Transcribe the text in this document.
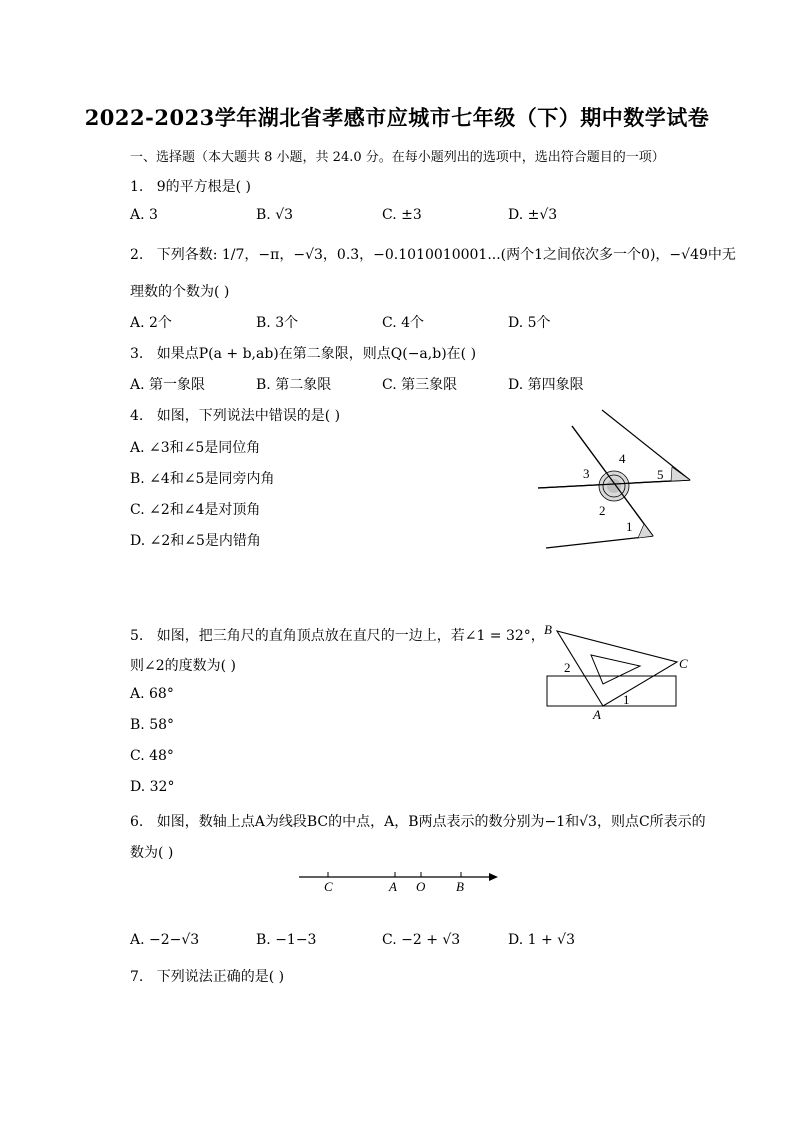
2022-2023学年湖北省孝感市应城市七年级（下）期中数学试卷
一、选择题（本大题共 8 小题，共 24.0 分。在每小题列出的选项中，选出符合题目的一项）
1. 9的平方根是( )
A. 3	B. √3	C. ±3	D. ±√3
2. 下列各数: 1/7，−π，−√3，0.3̇，−0.1010010001...(两个1之间依次多一个0)，−√49中无
理数的个数为( )
A. 2个	B. 3个	C. 4个	D. 5个
3. 如果点P(a + b,ab)在第二象限，则点Q(−a,b)在( )
A. 第一象限	B. 第二象限	C. 第三象限	D. 第四象限
4. 如图，下列说法中错误的是( )
A. ∠3和∠5是同位角
B. ∠4和∠5是同旁内角
C. ∠2和∠4是对顶角
D. ∠2和∠5是内错角
3
4
5
2
1
5. 如图，把三角尺的直角顶点放在直尺的一边上，若∠1 = 32°，
则∠2的度数为( )
A. 68°
B. 58°
C. 48°
D. 32°
B
C
A
2
1
6. 如图，数轴上点A为线段BC的中点，A，B两点表示的数分别为−1和√3，则点C所表示的
数为( )
C	A O B
A. −2−√3	B. −1−3	C. −2 + √3	D. 1 + √3
7. 下列说法正确的是( )
